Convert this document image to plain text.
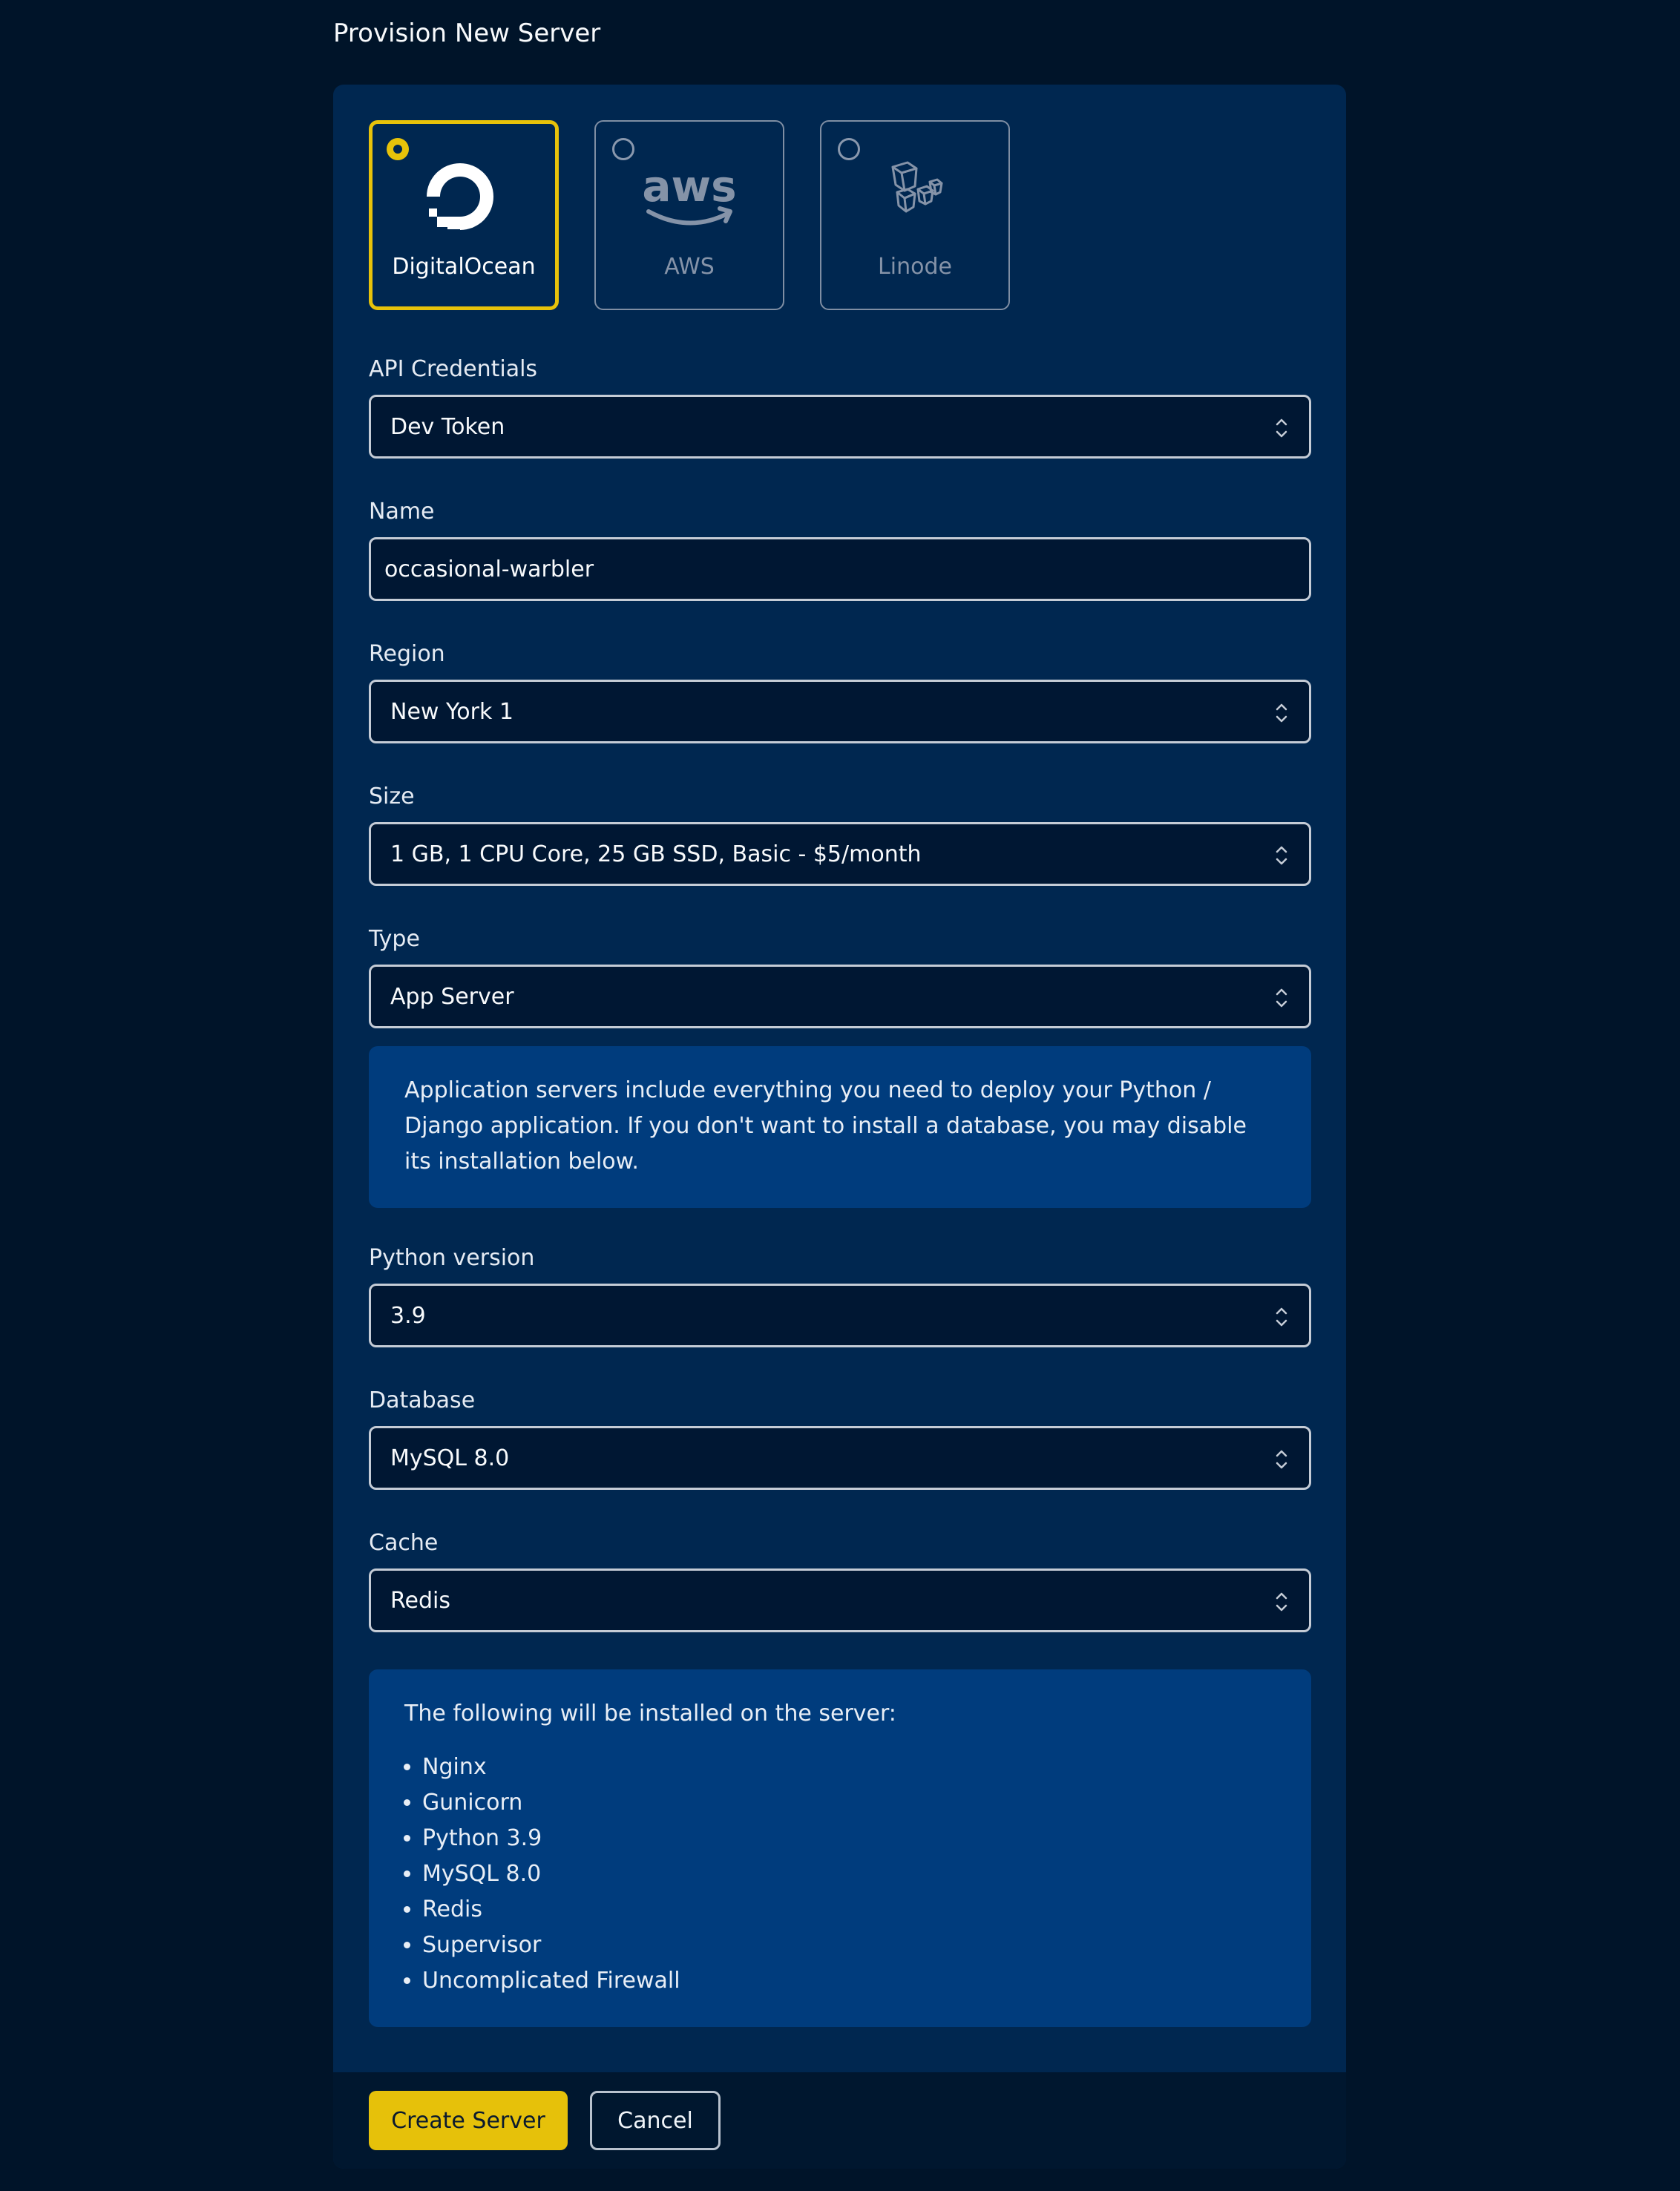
Provision New Server
DigitalOcean
aws
AWS	Linode
API Credentials
Dev Token
Name
occasional-warbler
Region
New York 1
Size
1 GB, 1 CPU Core, 25 GB SSD, Basic - $5/month
Type
App Server

Application servers include everything you need to deploy your Python / Django application. If you don't want to install a database, you may disable its installation below.

Python version
3.9
Database
MySQL 8.0
Cache
Redis

The following will be installed on the server:

• Nginx
• Gunicorn
• Python 3.9
• MySQL 8.0
• Redis
• Supervisor
• Uncomplicated Firewall
Create Server	Cancel
